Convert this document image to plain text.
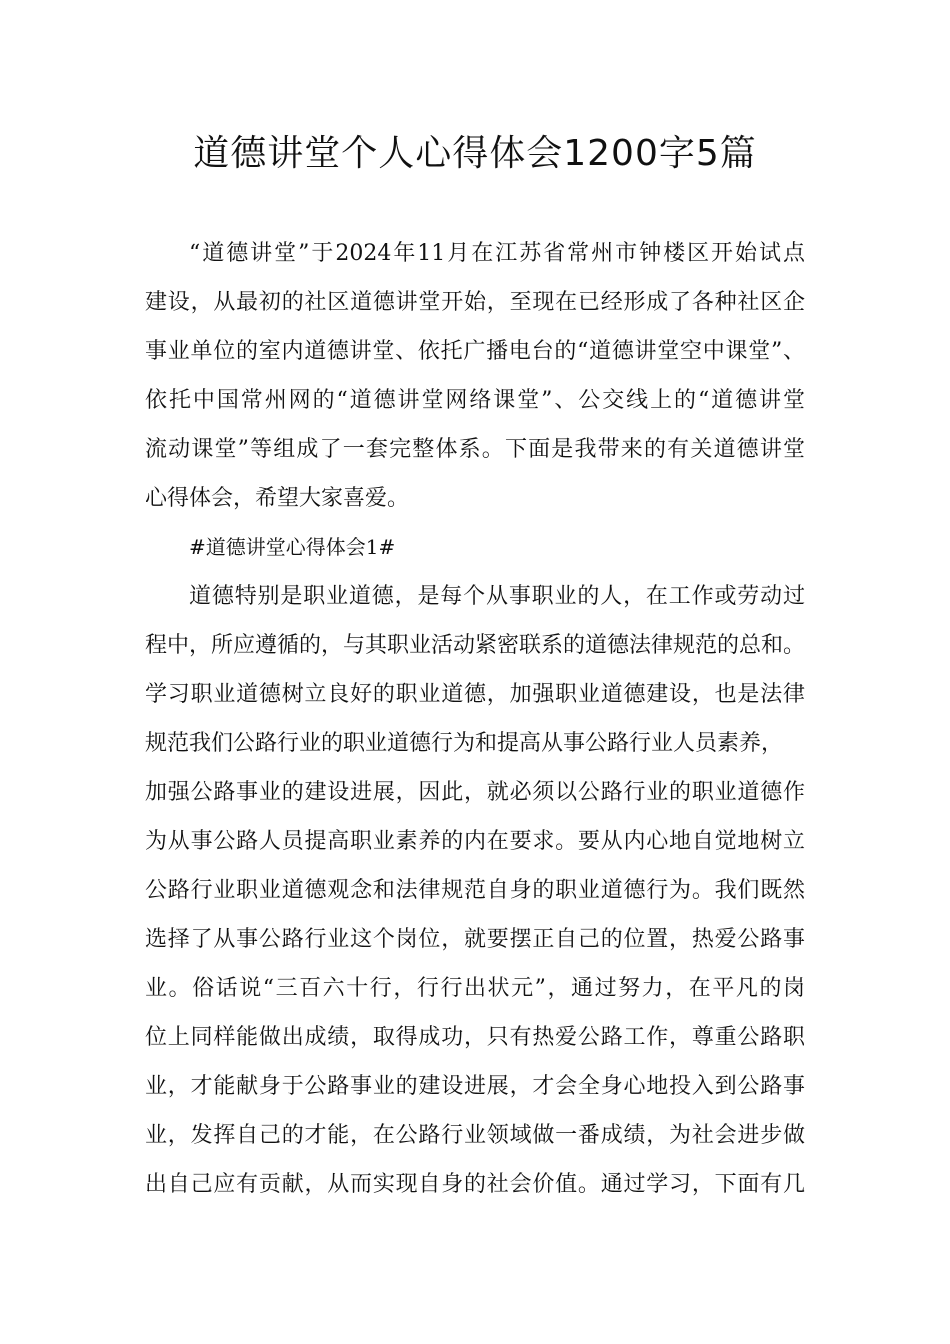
道德讲堂个人心得体会1200字5篇
“道德讲堂”于2024年11月在江苏省常州市钟楼区开始试点
建设，从最初的社区道德讲堂开始，至现在已经形成了各种社区企
事业单位的室内道德讲堂、依托广播电台的“道德讲堂空中课堂”、
依托中国常州网的“道德讲堂网络课堂”、公交线上的“道德讲堂
流动课堂”等组成了一套完整体系。下面是我带来的有关道德讲堂
心得体会，希望大家喜爱。
#道德讲堂心得体会1#
道德特别是职业道德，是每个从事职业的人，在工作或劳动过
程中，所应遵循的，与其职业活动紧密联系的道德法律规范的总和。
学习职业道德树立良好的职业道德，加强职业道德建设，也是法律
规范我们公路行业的职业道德行为和提高从事公路行业人员素养，
加强公路事业的建设进展，因此，就必须以公路行业的职业道德作
为从事公路人员提高职业素养的内在要求。要从内心地自觉地树立
公路行业职业道德观念和法律规范自身的职业道德行为。我们既然
选择了从事公路行业这个岗位，就要摆正自己的位置，热爱公路事
业。俗话说“三百六十行，行行出状元”，通过努力，在平凡的岗
位上同样能做出成绩，取得成功，只有热爱公路工作，尊重公路职
业，才能献身于公路事业的建设进展，才会全身心地投入到公路事
业，发挥自己的才能，在公路行业领域做一番成绩，为社会进步做
出自己应有贡献，从而实现自身的社会价值。通过学习，下面有几
